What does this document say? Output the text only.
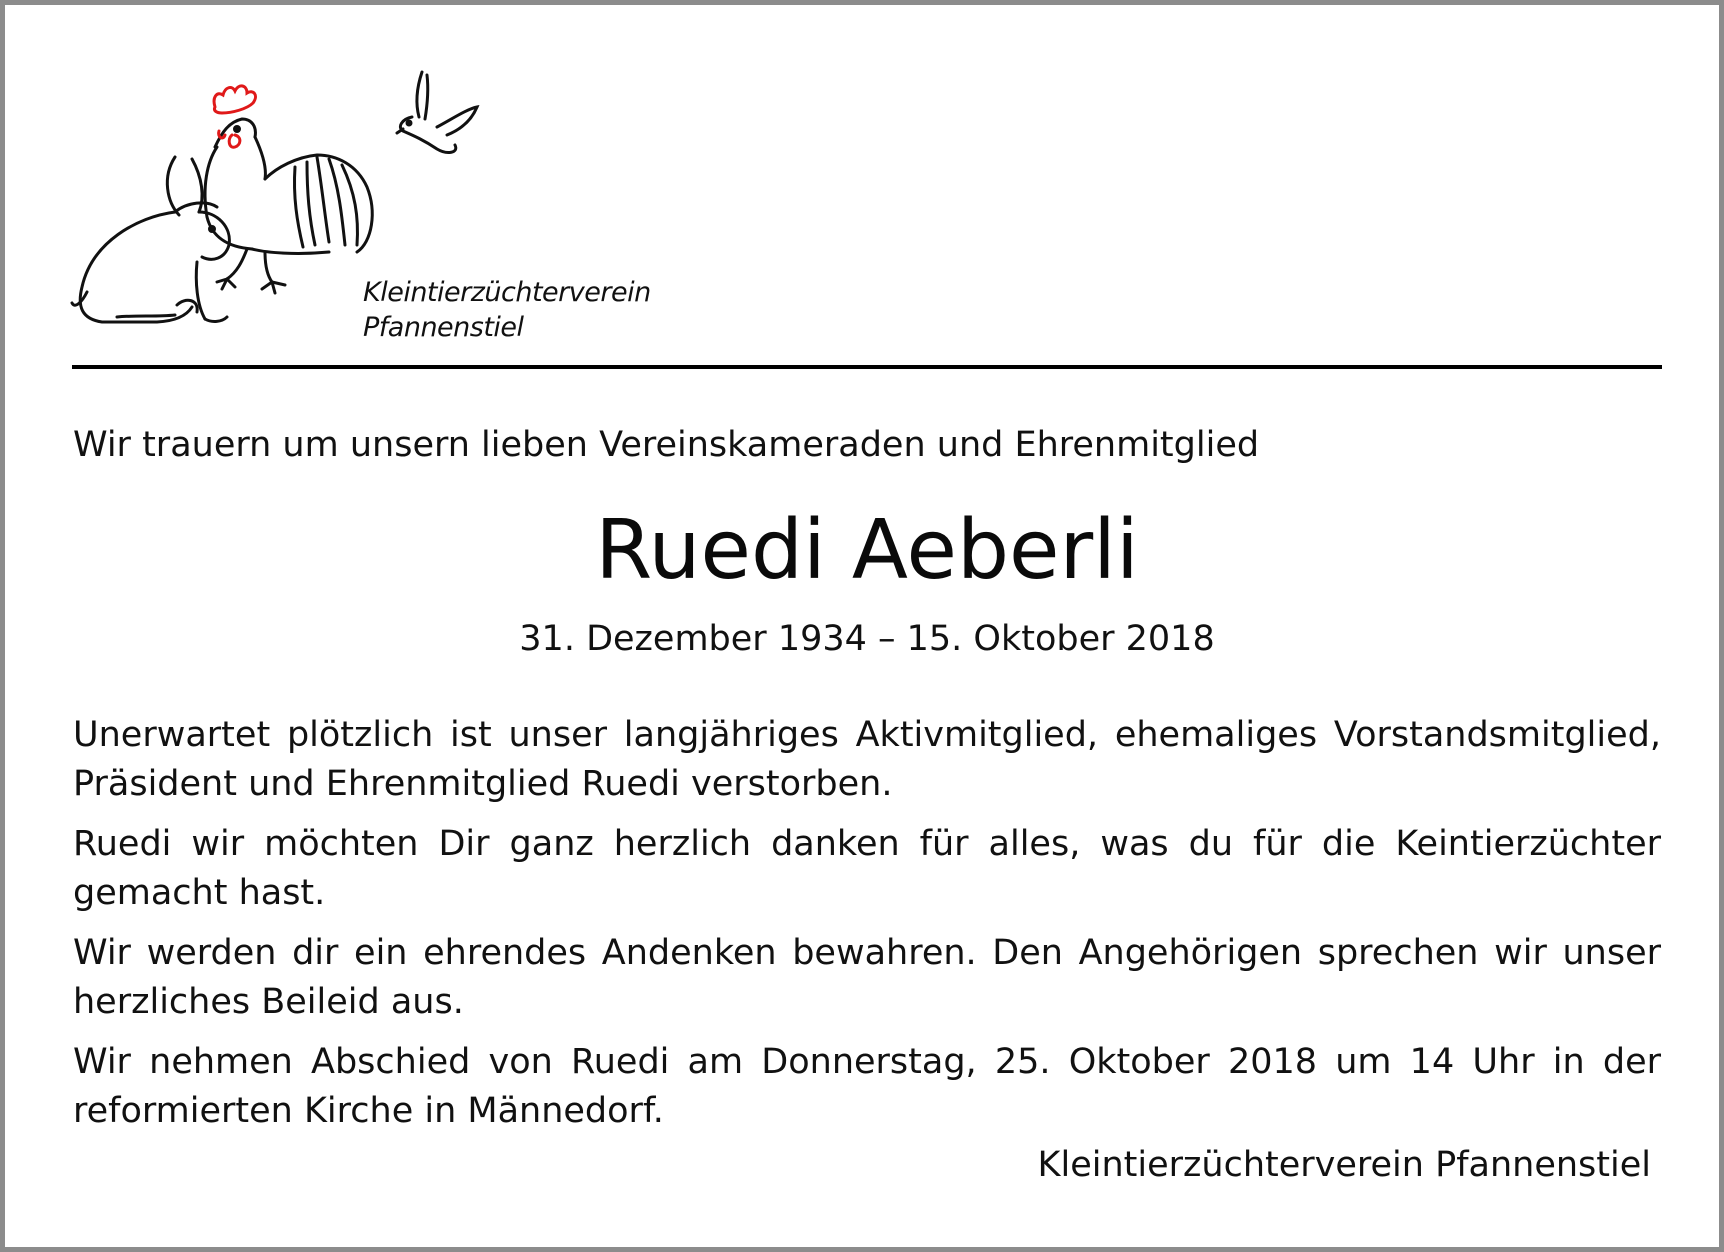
Kleintierzüchterverein
Pfannenstiel
Wir trauern um unsern lieben Vereinskameraden und Ehrenmitglied
Ruedi Aeberli
31. Dezember 1934 – 15. Oktober 2018

Unerwartet plötzlich ist unser langjähriges Aktivmitglied, ehemaliges Vorstandsmitglied, Präsident und Ehrenmitglied Ruedi verstorben.

Ruedi wir möchten Dir ganz herzlich danken für alles, was du für die Keintierzüchter gemacht hast.

Wir werden dir ein ehrendes Andenken bewahren. Den Angehörigen sprechen wir unser herzliches Beileid aus.

Wir nehmen Abschied von Ruedi am Donnerstag, 25. Oktober 2018 um 14 Uhr in der reformierten Kirche in Männedorf.

Kleintierzüchterverein Pfannenstiel
